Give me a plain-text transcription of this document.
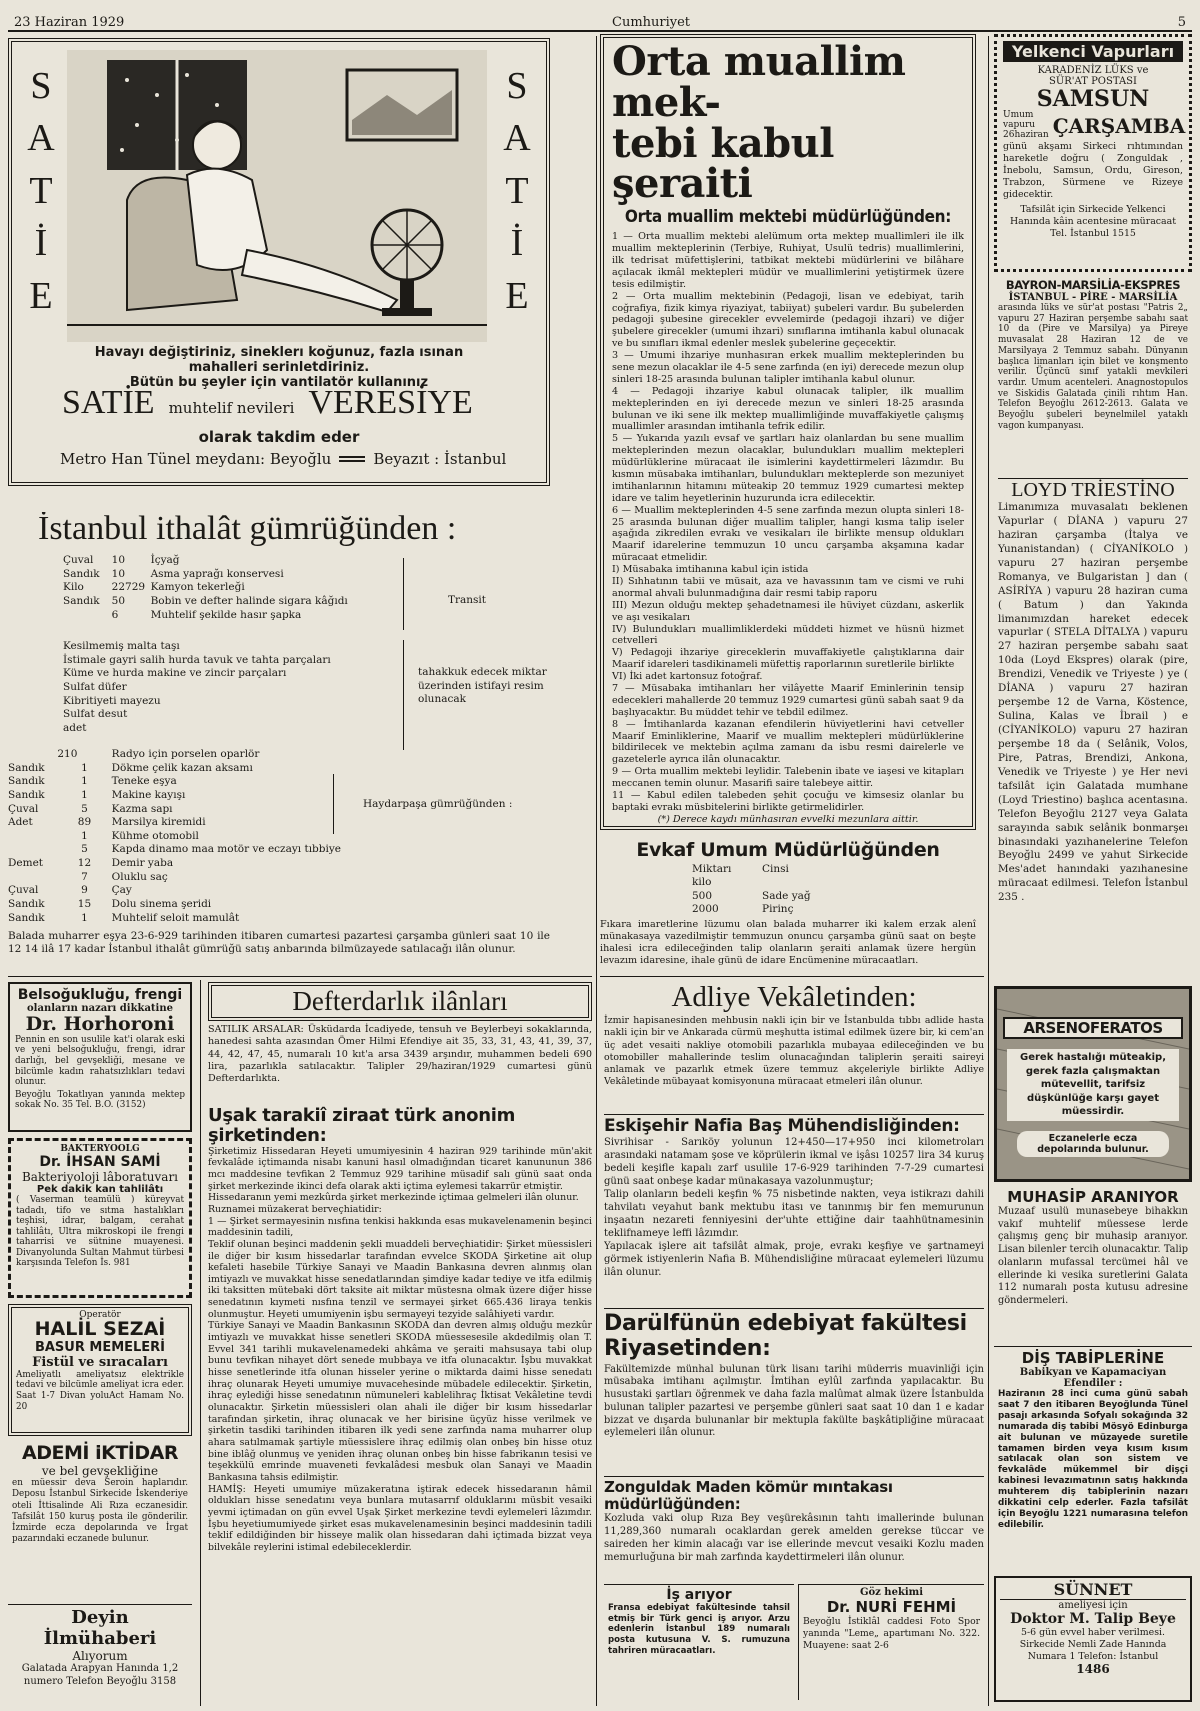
23 Haziran 1929	Cumhuriyet	5
S
A
T
İ
E
S
A
T
İ
E
Havayı değiştiriniz, sineklerı koğunuz, fazla ısınan mahalleri serinletdiriniz.
Bütün bu şeyler için vantilatör kullanınız
SATİE muhtelif nevileri VERESİYE
olarak takdim eder
Metro Han Tünel meydanı: Beyoğlu	Beyazıt : İstanbul
İstanbul ithalât gümrüğünden :
Çuval	10	İçyağ
Sandık	10	Asma yaprağı konservesi
Kilo	22729 Kamyon tekerleği
Sandık	50	Bobin ve defter halinde sigara kâğıdı
6	Muhtelif şekilde hasır şapka
Transit
Kesilmemiş malta taşı
İstimale gayri salih hurda tavuk ve tahta parçaları
Küme ve hurda makine ve zincir parçaları
Sulfat düfer
Kibritiyeti mayezu
Sulfat desut
adet
tahakkuk edecek miktar üzerinden istifayi resim olunacak
210	Radyo için porselen oparlör
Sandık	1	Dökme çelik kazan aksamı
Sandık	1	Teneke eşya
Sandık	1	Makine kayışı
Çuval	5	Kazma sapı
Adet	89	Marsilya kiremidi
1	Kühme otomobil
5	Kapda dinamo maa motör ve eczayı tıbbiye
Demet	12	Demir yaba
7	Oluklu saç
Çuval	9	Çay
Sandık	15	Dolu sinema şeridi
Sandık	1	Muhtelif seloit mamulât
Haydarpaşa gümrüğünden :
Balada muharrer eşya 23-6-929 tarihinden itibaren cumartesi pazartesi çarşamba günleri saat 10 ile 12 14 ilâ 17 kadar İstanbul ithalât gümrüğü satış anbarında bilmüzayede satılacağı ilân olunur.
Orta muallim mek-
tebi kabul şeraiti
Orta muallim mektebi müdürlüğünden:

1 — Orta muallim mektebi alelümum orta mektep muallimleri ile ilk muallim mekteplerinin (Terbiye, Ruhiyat, Usulü tedris) muallimlerini, ilk tedrisat müfettişlerini, tatbikat mektebi müdürlerini ve bilâhare açılacak ikmâl mektepleri müdür ve muallimlerini yetiştirmek üzere tesis edilmiştir.

2 — Orta muallim mektebinin (Pedagoji, lisan ve edebiyat, tarih coğrafiya, fizik kimya riyaziyat, tabiiyat) şubeleri vardır. Bu şubelerden pedagoji şubesine girecekler evvelemirde (pedagoji ihzari) ve diğer şubelere girecekler (umumi ihzari) sınıflarına imtihanla kabul olunacak ve bu sınıfları ikmal edenler meslek şubelerine geçecektir.

3 — Umumi ihzariye munhasıran erkek muallim mekteplerinden bu sene mezun olacaklar ile 4-5 sene zarfında (en iyi) derecede mezun olup sinleri 18-25 arasında bulunan talipler imtihanla kabul olunur.

4 — Pedagoji ihzariye kabul olunacak talipler, ilk muallim mekteplerinden en iyi derecede mezun ve sinleri 18-25 arasında bulunan ve iki sene ilk mektep muallimliğinde muvaffakiyetle çalışmış muallimler arasından imtihanla tefrik edilir.

5 — Yukarıda yazılı evsaf ve şartları haiz olanlardan bu sene muallim mekteplerinden mezun olacaklar, bulundukları muallim mektepleri müdürlüklerine müracaat ile isimlerini kaydettirmeleri lâzımdır. Bu kısmın müsabaka imtihanları, bulundukları mekteplerde son mezuniyet imtihanlarının hitamını müteakip 20 temmuz 1929 cumartesi mektep idare ve talim heyetlerinin huzurunda icra edilecektir.

6 — Muallim mekteplerinden 4-5 sene zarfında mezun olupta sinleri 18-25 arasında bulunan diğer muallim talipler, hangi kısma talip iseler aşağıda zikredilen evrakı ve vesikaları ile birlikte mensup oldukları Maarif idarelerine temmuzun 10 uncu çarşamba akşamına kadar müracaat etmelidir.

I) Müsabaka imtihanına kabul için istida

II) Sıhhatının tabii ve müsait, aza ve havassının tam ve cismi ve ruhi anormal ahvali bulunmadığına dair resmi tabip raporu

III) Mezun olduğu mektep şehadetnamesi ile hüviyet cüzdanı, askerlik ve aşı vesikaları

IV) Bulundukları muallimliklerdeki müddeti hizmet ve hüsnü hizmet cetvelleri

V) Pedagoji ihzariye gireceklerin muvaffakiyetle çalıştıklarına dair Maarif idareleri tasdikinameli müfettiş raporlarının suretlerile birlikte

VI) İki adet kartonsuz fotoğraf.

7 — Müsabaka imtihanları her vilâyette Maarif Eminlerinin tensip edecekleri mahallerde 20 temmuz 1929 cumartesi günü sabah saat 9 da başlıyacaktır. Bu müddet tehir ve tebdil edilmez.

8 — İmtihanlarda kazanan efendilerin hüviyetlerini havi cetveller Maarif Eminliklerine, Maarif ve muallim mektepleri müdürlüklerine bildirilecek ve mektebin açılma zamanı da isbu resmi dairelerle ve gazetelerle ayrıca ilân olunacaktır.

9 — Orta muallim mektebi leylidir. Talebenin ibate ve iaşesi ve kitapları meccanen temin olunur. Masarifi saire talebeye aittir.

11 — Kabul edilen talebeden şehit çocuğu ve kimsesiz olanlar bu baptaki evrakı müsbitelerini birlikte getirmelidirler.

(*) Derece kaydı münhasıran evvelki mezunlara aittir.

Evkaf Umum Müdürlüğünden
Miktarı	Cinsi
kilo
500	Sade yağ
2000	Pirinç
Fıkara imaretlerine lüzumu olan balada muharrer iki kalem erzak alenî münakasaya vazedilmiştir temmuzun onuncu çarşamba günü saat on beşte ihalesi icra edileceğinden talip olanların şeraiti anlamak üzere hergün levazım idaresine, ihale günü de idare Encümenine müracaatları.
Yelkenci Vapurları
KARADENİZ LÜKS ve
SÜR'AT POSTASI
SAMSUN
Umum vapuru 26haziran ÇARŞAMBA
günü akşamı Sirkeci rıhtımından hareketle doğru ( Zonguldak , İnebolu, Samsun, Ordu, Gireson, Trabzon, Sürmene ve Rizeye gidecektir.
Tafsilât için Sirkecide Yelkenci Hanında kâin acentesine müracaat Tel. İstanbul 1515
BAYRON-MARSİLİA-EKSPRES
İSTANBUL - PİRE - MARSİLİA
arasında lüks ve sür'at postası "Patris 2„ vapuru 27 Haziran perşembe sabahı saat 10 da (Pire ve Marsilya) ya Pireye muvasalat 28 Haziran 12 de ve Marsilyaya 2 Temmuz sabahı. Dünyanın başlıca limanları için bilet ve konşmento verilir. Üçüncü sınıf yatakli mevkileri vardır. Umum acenteleri. Anagnostopulos ve Siskidis Galatada çinili rıhtım Han. Telefon Beyoğlu 2612-2613. Galata ve Beyoğlu şubeleri beynelmilel yataklı vagon kumpanyası.
LOYD TRİESTİNO
Limanımıza muvasalatı beklenen Vapurlar ( DİANA ) vapuru 27 haziran çarşamba (İtalya ve Yunanistandan) ( CİYANİKOLO ) vapuru 27 haziran perşembe Romanya, ve Bulgaristan ] dan ( ASİRİYA ) vapuru 28 haziran cuma ( Batum ) dan Yakında limanımızdan hareket edecek vapurlar ( STELA DİTALYA ) vapuru 27 haziran perşembe sabahı saat 10da (Loyd Ekspres) olarak (pire, Brendizi, Venedik ve Triyeste ) ye ( DİANA ) vapuru 27 haziran perşembe 12 de Varna, Köstence, Sulina, Kalas ve İbrail ) e (CİYANİKOLO) vapuru 27 haziran perşembe 18 da ( Selânik, Volos, Pire, Patras, Brendizi, Ankona, Venedik ve Triyeste ) ye Her nevi tafsilât için Galatada mumhane (Loyd Triestino) başlıca acentasına. Telefon Beyoğlu 2127 veya Galata sarayında sabık selânik bonmarşeı binasındaki yazıhanelerine Telefon Beyoğlu 2499 ve yahut Sirkecide Mes'adet hanındaki yazıhanesine müracaat edilmesi. Telefon İstanbul 235 .
Belsoğukluğu, frengi
olanların nazarı dikkatine
Dr. Horhoroni
Pennin en son usulile kat'i olarak eski ve yeni belsoğukluğu, frengi, idrar darlığı, bel gevşekliği, mesane ve bilcümle kadın rahatsızlıkları tedavi olunur.
Beyoğlu Tokatlıyan yanında mektep sokak No. 35 Tel. B.O. (3152)
BAKTERYOOLG
Dr. İHSAN SAMİ
Bakteriyoloji lâboratuvarı
Pek dakik kan tahlilâtı
( Vaserman teamülü ) küreyvat tadadı, tifo ve sıtma hastalıkları teşhisi, idrar, balgam, cerahat tahlilâtı, Ultra mikroskopi ile frengi taharrisi ve sütnine muayenesi. Divanyolunda Sultan Mahmut türbesi karşısında Telefon İs. 981
Operatör
HALİL SEZAİ
BASUR MEMELERİ
Fistül ve sıracaları
Ameliyatlı ameliyatsız elektrikle tedavi ve bilcümle ameliyat icra eder. Saat 1-7 Divan yoluAct Hamam No. 20
ADEMİ iKTİDAR
ve bel gevşekliğine
en müessir deva Seroin haplarıdır. Deposu İstanbul Sirkecide İskenderiye oteli İttisalinde Ali Rıza eczanesidir. Tafsilât 150 kuruş posta ile gönderilir. İzmirde ecza depolarında ve İrgat pazarındaki eczanede bulunur.
Deyin İlmühaberi
Alıyorum
Galatada Arapyan Hanında 1,2 numero Telefon Beyoğlu 3158
Defterdarlık ilânları
SATILIK ARSALAR: Üsküdarda İcadiyede, tensuh ve Beylerbeyi sokaklarında, hanedesi sahta azasından Ömer Hilmi Efendiye ait 35, 33, 31, 43, 41, 39, 37, 44, 42, 47, 45, numaralı 10 kıt'a arsa 3439 arşındır, muhammen bedeli 690 lira, pazarlıkla satılacaktır. Talipler 29/haziran/1929 cumartesi günü Defterdarlıkta.
Uşak tarakiî ziraat türk anonim şirketinden:

Şirketimiz Hissedaran Heyeti umumiyesinin 4 haziran 929 tarihinde mün'akit fevkalâde içtimaında nisabı kanuni hasıl olmadığından ticaret kanununun 386 mcı maddesine tevfikan 2 Temmuz 929 tarihine müsadif salı günü saat onda şirket merkezinde ikinci defa olarak akti içtima eylemesi takarrür etmiştir.

Hissedaranın yemi mezkûrda şirket merkezinde içtimaa gelmeleri ilân olunur.

Ruznamei müzakerat berveçhiatidir:

1 — Şirket sermayesinin nısfına tenkisi hakkında esas mukavelenamenin beşinci maddesinin tadili,

Teklif olunan beşinci maddenin şekli muaddeli berveçhiatidir: Şirket müessisleri ile diğer bir kısım hissedarlar tarafından evvelce SKODA Şirketine ait olup kefaleti hasebile Türkiye Sanayi ve Maadin Bankasına devren alınmış olan imtiyazlı ve muvakkat hisse senedatlarından şimdiye kadar tediye ve itfa edilmiş iki taksitten mütebaki dört taksite ait miktar müstesna olmak üzere diğer hisse senedatının kıymeti nısfına tenzil ve sermayei şirket 665.436 liraya tenkis olunmuştur. Heyeti umumiyenin işbu sermayeyi tezyide salâhiyeti vardır.

Türkiye Sanayi ve Maadin Bankasının SKODA dan devren almış olduğu mezkûr imtiyazlı ve muvakkat hisse senetleri SKODA müessesesile akdedilmiş olan T. Evvel 341 tarihli mukavelenamedeki ahkâma ve şeraiti mahsusaya tabi olup bunu tevfikan nihayet dört senede mubbaya ve itfa olunacaktır. İşbu muvakkat hisse senetlerinde itfa olunan hisseler yerine o miktarda daimi hisse senedatı ihraç olunarak Heyeti umumiye muvacehesinde mübadele edilecektir. Şirketin, ihraç eylediği hisse senedatının nümuneleri kablelihraç İktisat Vekâletine tevdi olunacaktır. Şirketin müessisleri olan ahali ile diğer bir kısım hissedarlar tarafından şirketin, ihraç olunacak ve her birisine üçyüz hisse verilmek ve şirketin tasdiki tarihinden itibaren ilk yedi sene zarfında nama muharrer olup ahara satılmamak şartiyle müessislere ihraç edilmiş olan onbeş bin hisse otuz bine iblâğ olunmuş ve yeniden ihraç olunan onbeş bin hisse fabrikanın tesisi ve teşekkülü emrinde muaveneti fevkalâdesi mesbuk olan Sanayi ve Maadin Bankasına tahsis edilmiştir.

HAMİŞ: Heyeti umumiye müzakeratına iştirak edecek hissedaranın hâmil oldukları hisse senedatını veya bunlara mutasarrıf olduklarını müsbit vesaiki yevmi içtimadan on gün evvel Uşak Şirket merkezine tevdi eylemeleri lâzımdır. İşbu heyetiumumiyede şirket esas mukavelenamesinin beşinci maddesinin tadili teklif edildiğinden bir hisseye malik olan hissedaran dahi içtimada bizzat veya bilvekâle reylerini istimal edebileceklerdir.

Adliye Vekâletinden:
İzmir hapisanesinden mehbusin nakli için bir ve İstanbulda tıbbı adlide hasta nakli için bir ve Ankarada cürmü meşhutta istimal edilmek üzere bir, ki cem'an üç adet vesaiti nakliye otomobili pazarlıkla mubayaa edileceğinden ve bu otomobiller mahallerinde teslim olunacağından taliplerin şeraiti saireyi anlamak ve pazarlık etmek üzere temmuz akçeleriyle birlikte Adliye Vekâletinde mübayaat komisyonuna müracaat etmeleri ilân olunur.
Eskişehir Nafia Baş Mühendisliğinden:

Sivrihisar - Sarıköy yolunun 12+450—17+950 inci kilometroları arasındaki natamam şose ve köprülerin ikmal ve işâsı 10257 lira 34 kuruş bedeli keşifle kapalı zarf usulile 17-6-929 tarihinden 7-7-29 cumartesi günü saat onbeşe kadar münakasaya vazolunmuştur;

Talip olanların bedeli keşfin % 75 nisbetinde nakten, veya istikrazı dahili tahvilatı veyahut bank mektubu itası ve tanınmış bir fen memurunun inşaatın nezareti fenniyesini der'uhte ettiğine dair taahhütnamesinin teklifnameye leffi lâzımdır.

Yapılacak işlere ait tafsilât almak, proje, evrakı keşfiye ve şartnameyi görmek istiyenlerin Nafia B. Mühendisliğine müracaat eylemeleri lüzumu ilân olunur.

Darülfünün edebiyat fakültesi Riyasetinden:
Fakültemizde münhal bulunan türk lisanı tarihi müderris muavinliği için müsabaka imtihanı açılmıştır. İmtihan eylûl zarfında yapılacaktır. Bu husustaki şartları öğrenmek ve daha fazla malûmat almak üzere İstanbulda bulunan talipler pazartesi ve perşembe günleri saat saat 10 dan 1 e kadar bizzat ve dışarda bulunanlar bir mektupla fakülte başkâtipliğine müracaat eylemeleri ilân olunur.
Zonguldak Maden kömür mıntakası müdürlüğünden:
Kozluda vaki olup Rıza Bey veşürekâsının tahtı imallerinde bulunan 11,289,360 numaralı ocaklardan gerek amelden gerekse tüccar ve saireden her kimin alacağı var ise ellerinde mevcut vesaiki Kozlu maden memurluğuna bir mah zarfında kaydettirmeleri ilân olunur.
İş arıyor
Fransa edebiyat fakültesinde tahsil etmiş bir Türk genci iş arıyor. Arzu edenlerin İstanbul 189 numaralı posta kutusuna V. S. rumuzuna tahriren müracaatları.
Göz hekimi
Dr. NURİ FEHMİ
Beyoğlu İstiklâl caddesi Foto Spor yanında "Leme„ apartımanı No. 322. Muayene: saat 2-6
ARSENOFERATOS
Gerek hastalığı müteakip, gerek fazla çalışmaktan mütevellit, tarifsiz düşkünlüğe karşı gayet müessirdir.
Eczanelerle ecza depolarında bulunur.
MUHASİP ARANIYOR
Muzaaf usulü munasebeye bihakkın vakıf muhtelif müessese lerde çalışmış genç bir muhasip aranıyor. Lisan bilenler tercih olunacaktır. Talip olanların mufassal tercümei hâl ve ellerinde ki vesika suretlerini Galata 112 numaralı posta kutusu adresine göndermeleri.
DİŞ TABİPLERİNE
Babikyan ve Kapamaciyan Efendiler :
Haziranın 28 inci cuma günü sabah saat 7 den itibaren Beyoğlunda Tünel pasajı arkasında Sofyalı sokağında 32 numarada diş tabibi Mösyö Edinburga ait bulunan ve müzayede suretile tamamen birden veya kısım kısım satılacak olan son sistem ve fevkalâde mükemmel bir dişçi kabinesi levazımatının satış hakkında muhterem diş tabiplerinin nazarı dikkatini celp ederler. Fazla tafsilât için Beyoğlu 1221 numarasına telefon edilebilir.
SÜNNET
ameliyesi için
Doktor M. Talip Beye
5-6 gün evvel haber verilmesi. Sirkecide Nemli Zade Hanında Numara 1 Telefon: İstanbul
1486
